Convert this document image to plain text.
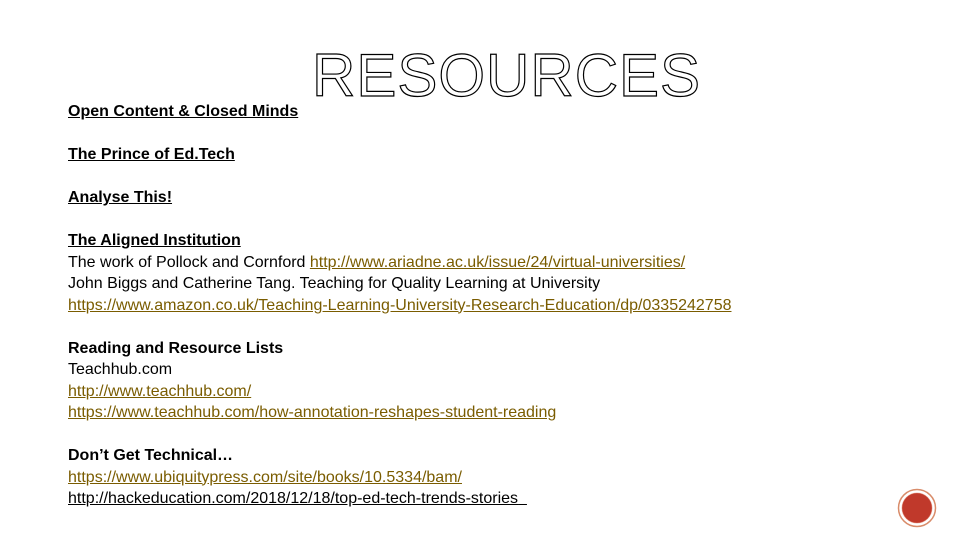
RESOURCES

Open Content & Closed Minds

The Prince of Ed.Tech

Analyse This!

The Aligned Institution

The work of Pollock and Cornford http://www.ariadne.ac.uk/issue/24/virtual-universities/

John Biggs and Catherine Tang. Teaching for Quality Learning at University

https://www.amazon.co.uk/Teaching-Learning-University-Research-Education/dp/0335242758

Reading and Resource Lists

Teachhub.com

http://www.teachhub.com/

https://www.teachhub.com/how-annotation-reshapes-student-reading

Don’t Get Technical…

https://www.ubiquitypress.com/site/books/10.5334/bam/

http://hackeducation.com/2018/12/18/top-ed-tech-trends-stories
